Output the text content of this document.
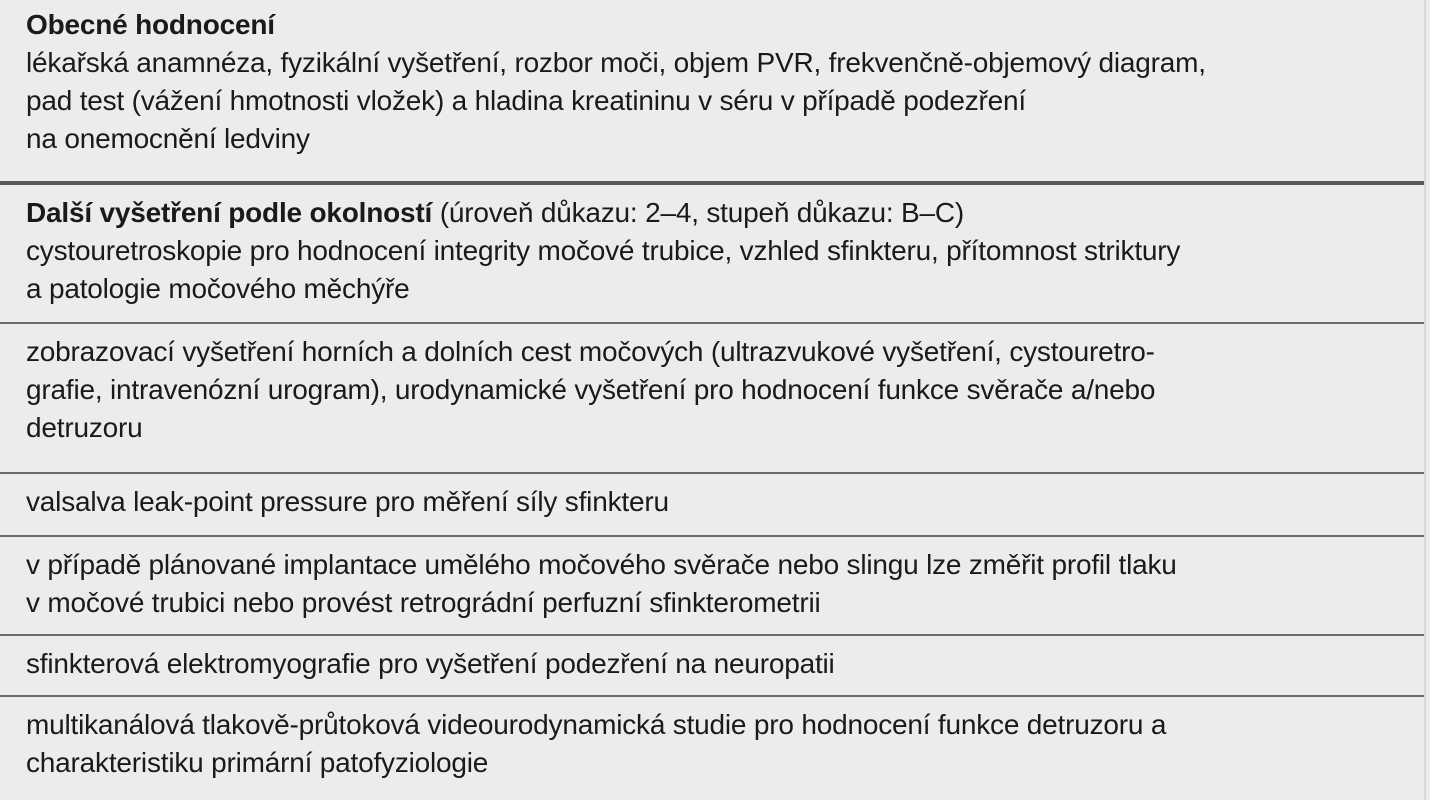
Obecné hodnocení
lékařská anamnéza, fyzikální vyšetření, rozbor moči, objem PVR, frekvenčně-objemový diagram,
pad test (vážení hmotnosti vložek) a hladina kreatininu v séru v případě podezření
na onemocnění ledviny
Další vyšetření podle okolností (úroveň důkazu: 2–4, stupeň důkazu: B–C)
cystouretroskopie pro hodnocení integrity močové trubice, vzhled sfinkteru, přítomnost striktury
a patologie močového měchýře
zobrazovací vyšetření horních a dolních cest močových (ultrazvukové vyšetření, cystouretro-
grafie, intravenózní urogram), urodynamické vyšetření pro hodnocení funkce svěrače a/nebo
detruzoru
valsalva leak-point pressure pro měření síly sfinkteru
v případě plánované implantace umělého močového svěrače nebo slingu lze změřit profil tlaku
v močové trubici nebo provést retrográdní perfuzní sfinkterometrii
sfinkterová elektromyografie pro vyšetření podezření na neuropatii
multikanálová tlakově-průtoková videourodynamická studie pro hodnocení funkce detruzoru a
charakteristiku primární patofyziologie
